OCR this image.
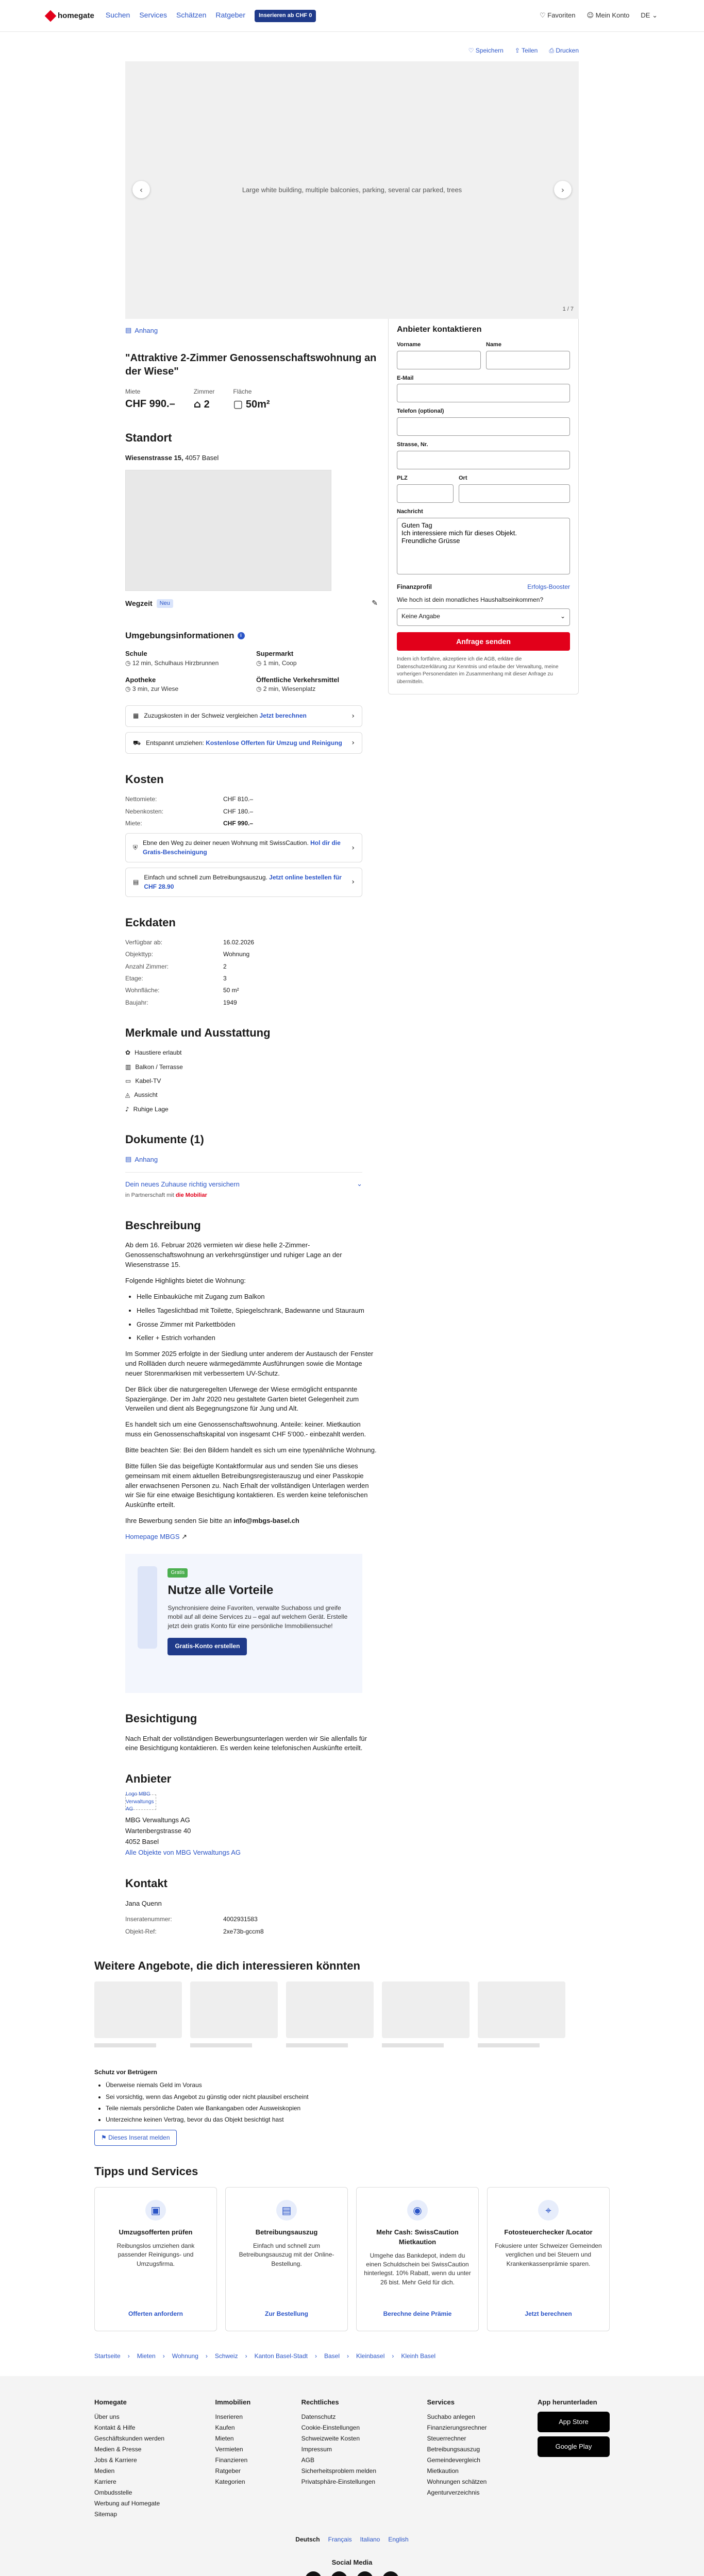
homegate Suchen Services Schätzen Ratgeber	Inserieren ab CHF 0	♡ Favoriten ☺ Mein Konto DE ⌄
♡ Speichern ⇪ Teilen ⎙ Drucken
Large white building, multiple balconies, parking, several car parked, trees
‹	›
1 / 7
▤ Anhang
"Attraktive 2-Zimmer Genossenschaftswohnung an der Wiese"
Miete
CHF 990.–
Zimmer
⌂ 2
Fläche
▢ 50m²
Standort
Wiesenstrasse 15, 4057 Basel
Wegzeit	Neu	✎
Umgebungsinformationen	i
Schule
◷ 12 min, Schulhaus Hirzbrunnen
Supermarkt
◷ 1 min, Coop
Apotheke
◷ 3 min, zur Wiese
Öffentliche Verkehrsmittel
◷ 2 min, Wiesenplatz
▦ Zuzugskosten in der Schweiz vergleichen Jetzt berechnen	›
⛟ Entspannt umziehen: Kostenlose Offerten für Umzug und Reinigung	›
Kosten
Nettomiete:	CHF 810.–
Nebenkosten:	CHF 180.–
Miete:	CHF 990.–
⛨
Ebne den Weg zu deiner neuen Wohnung mit SwissCaution. Hol dir die Gratis-Bescheinigung
›
▤
Einfach und schnell zum Betreibungsauszug. Jetzt online bestellen für CHF 28.90
›
Eckdaten
Verfügbar ab:	16.02.2026
Objekttyp:	Wohnung
Anzahl Zimmer:	2
Etage:	3
Wohnfläche:	50 m²
Baujahr:	1949
Merkmale und Ausstattung
✿ Haustiere erlaubt
▥ Balkon / Terrasse
▭ Kabel-TV
◬ Aussicht
♪ Ruhige Lage
Dokumente (1)
▤ Anhang
Dein neues Zuhause richtig versichern
in Partnerschaft mit die Mobiliar
⌄
Beschreibung

Ab dem 16. Februar 2026 vermieten wir diese helle 2-Zimmer-Genossenschaftswohnung an verkehrsgünstiger und ruhiger Lage an der Wiesenstrasse 15.

Folgende Highlights bietet die Wohnung:

• Helle Einbauküche mit Zugang zum Balkon
• Helles Tageslichtbad mit Toilette, Spiegelschrank, Badewanne und Stauraum
• Grosse Zimmer mit Parkettböden
• Keller + Estrich vorhanden

Im Sommer 2025 erfolgte in der Siedlung unter anderem der Austausch der Fenster und Rollläden durch neuere wärmegedämmte Ausführungen sowie die Montage neuer Storenmarkisen mit verbessertem UV-Schutz.

Der Blick über die naturgeregelten Uferwege der Wiese ermöglicht entspannte Spaziergänge. Der im Jahr 2020 neu gestaltete Garten bietet Gelegenheit zum Verweilen und dient als Begegnungszone für Jung und Alt.

Es handelt sich um eine Genossenschaftswohnung. Anteile: keiner. Mietkaution muss ein Genossenschaftskapital von insgesamt CHF 5'000.- einbezahlt werden.

Bitte beachten Sie: Bei den Bildern handelt es sich um eine typenähnliche Wohnung.

Bitte füllen Sie das beigefügte Kontaktformular aus und senden Sie uns dieses gemeinsam mit einem aktuellen Betreibungsregisterauszug und einer Passkopie aller erwachsenen Personen zu. Nach Erhalt der vollständigen Unterlagen werden wir Sie für eine etwaige Besichtigung kontaktieren. Es werden keine telefonischen Auskünfte erteilt.

Ihre Bewerbung senden Sie bitte an info@mbgs-basel.ch

Homepage MBGS ↗

Gratis
Nutze alle Vorteile

Synchronisiere deine Favoriten, verwalte Suchaboss und greife mobil auf all deine Services zu – egal auf welchem Gerät. Erstelle jetzt dein gratis Konto für eine persönliche Immobiliensuche!

Gratis-Konto erstellen
Besichtigung

Nach Erhalt der vollständigen Bewerbungsunterlagen werden wir Sie allenfalls für eine Besichtigung kontaktieren. Es werden keine telefonischen Auskünfte erteilt.

Anbieter
Logo MBG Verwaltungs AG
MBG Verwaltungs AG
Wartenbergstrasse 40
4052 Basel
Alle Objekte von MBG Verwaltungs AG
Kontakt
Jana Quenn
Inseratenummer:	4002931583
Objekt-Ref:	2xe73b-gccm8
Anbieter kontaktieren
Vorname	Name
E-Mail
Telefon (optional)
Strasse, Nr.
PLZ	Ort
Nachricht
Guten Tag Ich interessiere mich für dieses Objekt. Freundliche Grüsse
Finanzprofil	Erfolgs-Booster
Wie hoch ist dein monatliches Haushaltseinkommen?
Keine Angabe	⌄
Anfrage senden
Indem ich fortfahre, akzeptiere ich die AGB, erkläre die Datenschutzerklärung zur Kenntnis und erlaube der Verwaltung, meine vorherigen Personendaten im Zusammenhang mit dieser Anfrage zu übermitteln.
Weitere Angebote, die dich interessieren könnten
Schutz vor Betrügern
• Überweise niemals Geld im Voraus
• Sei vorsichtig, wenn das Angebot zu günstig oder nicht plausibel erscheint
• Teile niemals persönliche Daten wie Bankangaben oder Ausweiskopien
• Unterzeichne keinen Vertrag, bevor du das Objekt besichtigt hast
⚑ Dieses Inserat melden
Tipps und Services
▣
Umzugsofferten prüfen

Reibungslos umziehen dank passender Reinigungs- und Umzugsfirma.

Offerten anfordern
▤
Betreibungsauszug

Einfach und schnell zum Betreibungsauszug mit der Online-Bestellung.

Zur Bestellung
◉
Mehr Cash: SwissCaution Mietkaution

Umgehe das Bankdepot, indem du einen Schuldschein bei SwissCaution hinterlegst. 10% Rabatt, wenn du unter 26 bist. Mehr Geld für dich.

Berechne deine Prämie
⌖
Fotosteuerchecker /Locator

Fokusiere unter Schweizer Gemeinden verglichen und bei Steuern und Krankenkassenprämie sparen.

Jetzt berechnen
Startseite › Mieten › Wohnung › Schweiz › Kanton Basel-Stadt › Basel › Kleinbasel › Kleinh Basel
Homegate
Über uns
Kontakt & Hilfe
Geschäftskunden werden
Medien & Presse
Jobs & Karriere
Medien
Karriere
Ombudsstelle
Werbung auf Homegate
Sitemap
Immobilien
Inserieren
Kaufen
Mieten
Vermieten
Finanzieren
Ratgeber
Kategorien
Rechtliches
Datenschutz
Cookie-Einstellungen
Schweizweite Kosten
Impressum
AGB
Sicherheitsproblem melden
Privatsphäre-Einstellungen
Services
Suchabo anlegen
Finanzierungsrechner
Steuerrechner
Betreibungsauszug
Gemeindevergleich
Mietkaution
Wohnungen schätzen
Agenturverzeichnis
App herunterladen
App Store
Google Play
Deutsch Français Italiano English
Social Media
